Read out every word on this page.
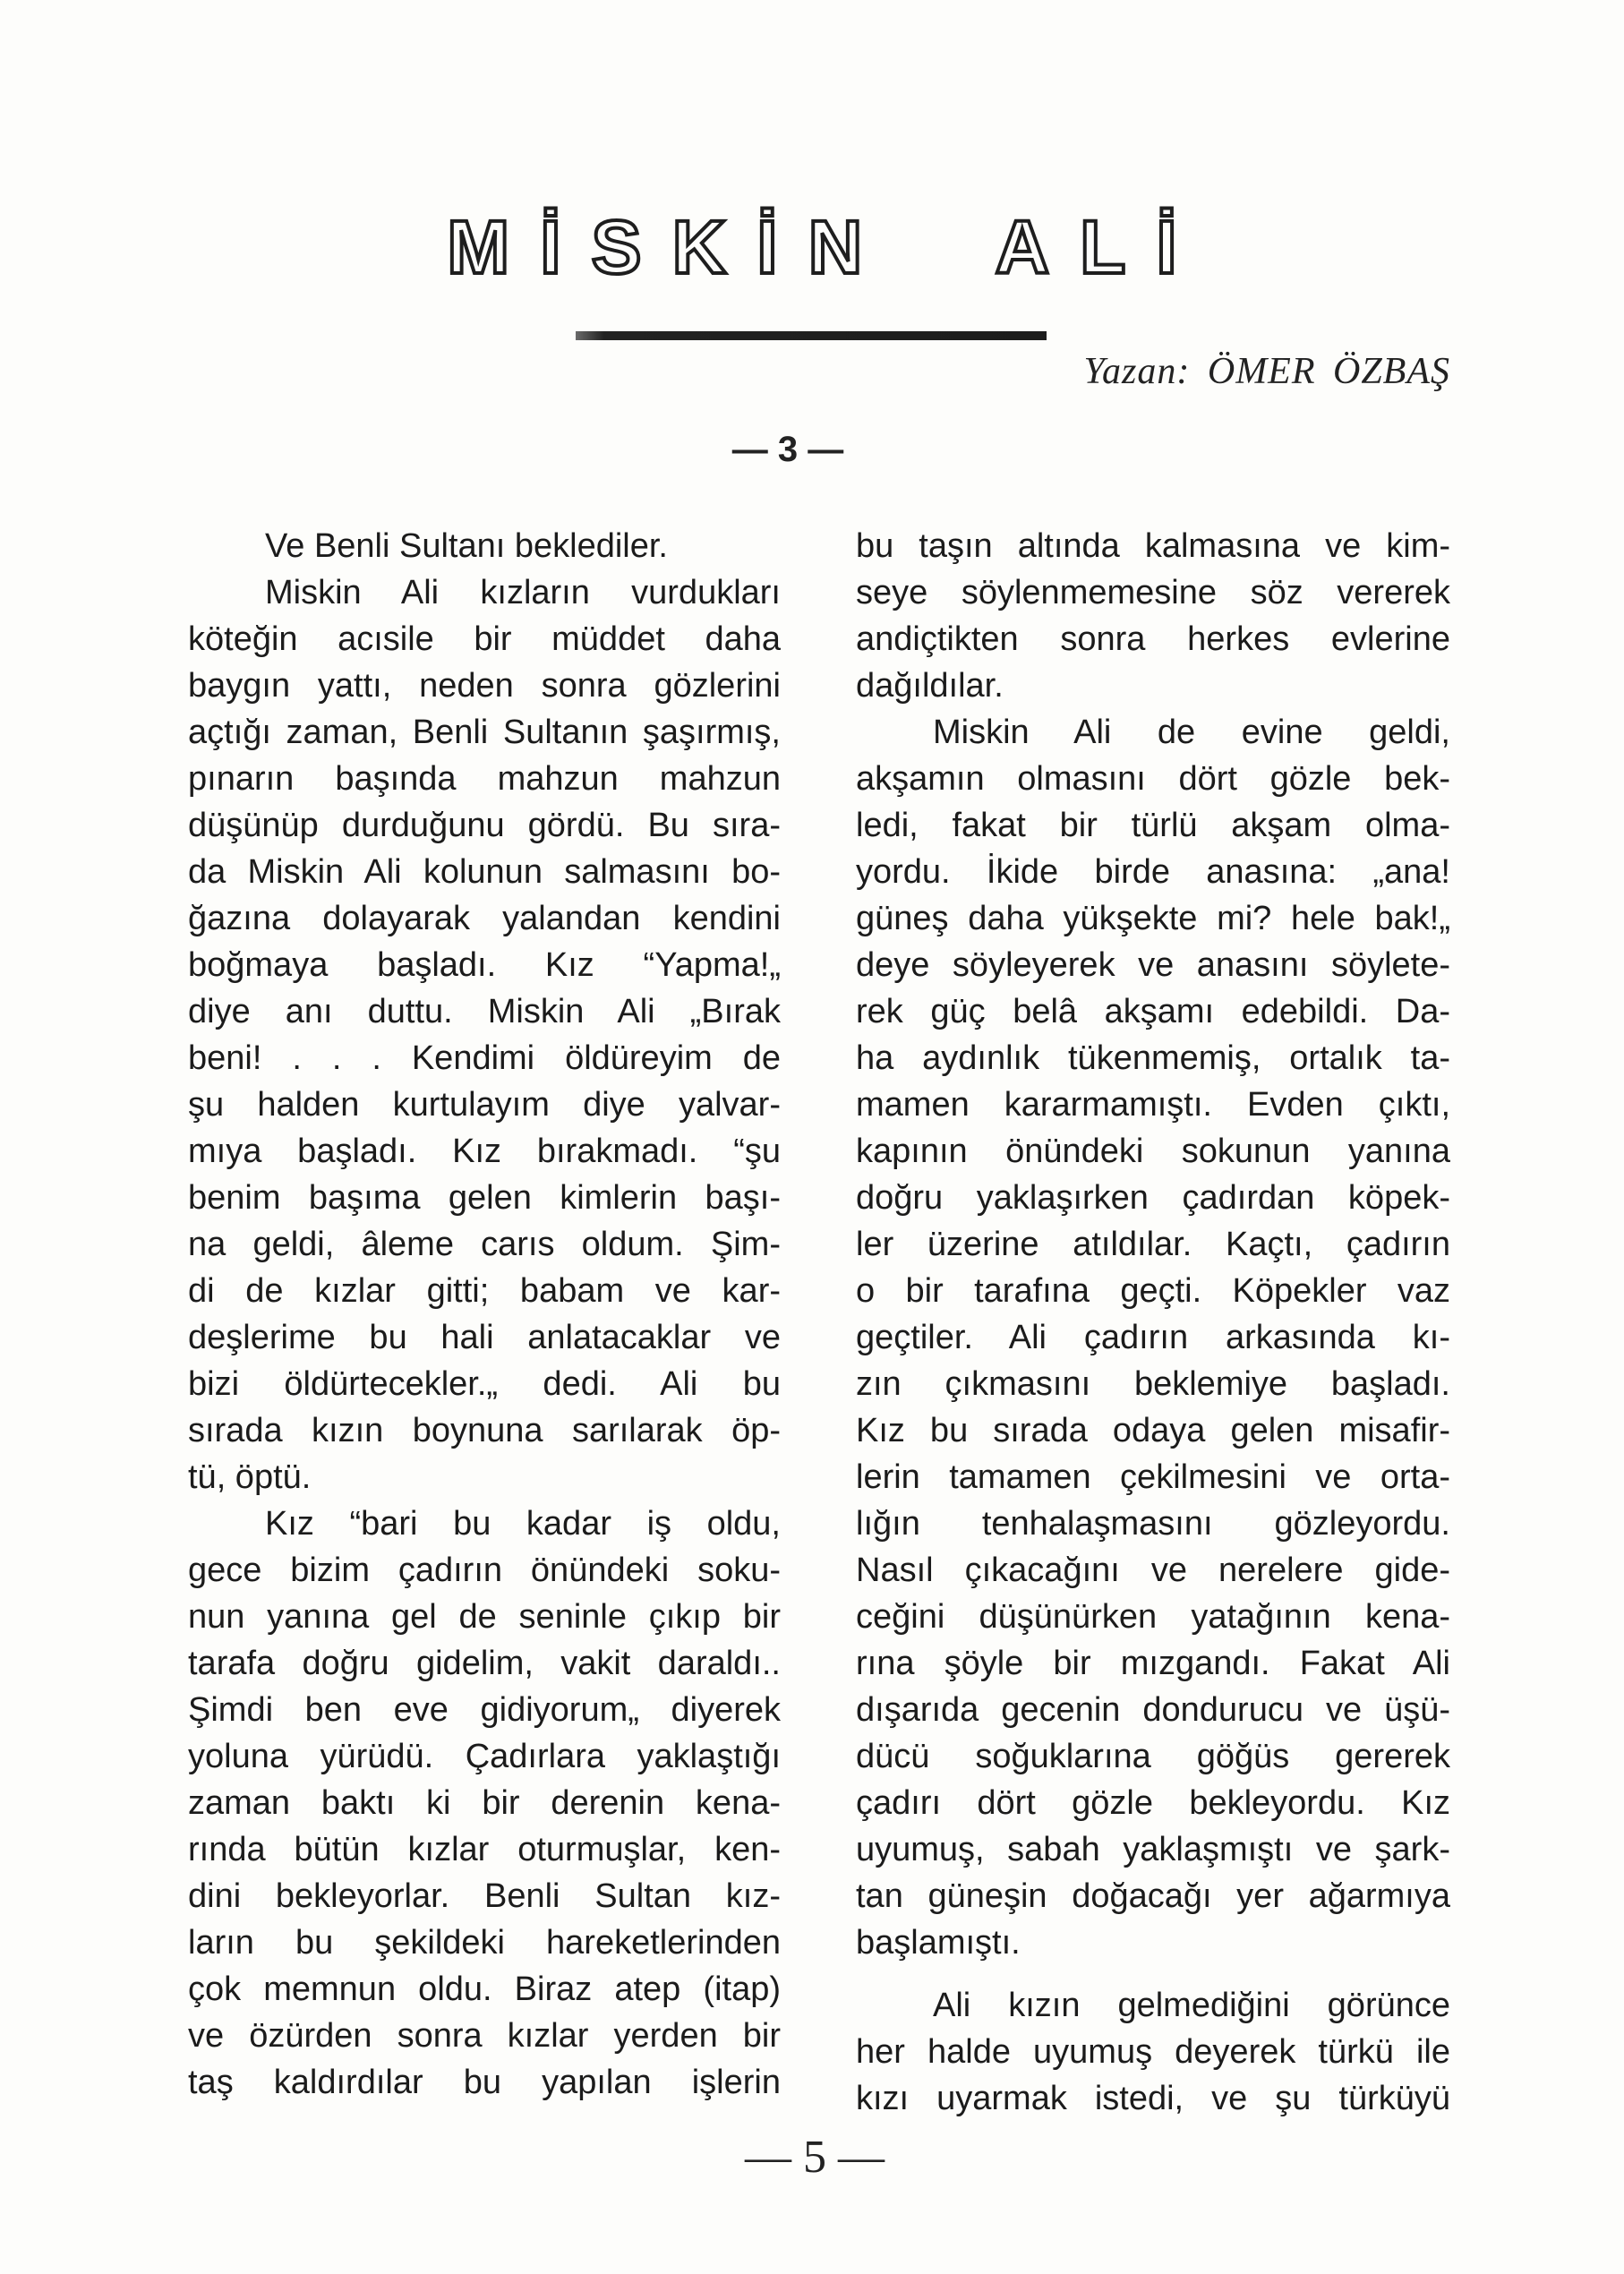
MİSKİN ALİ
Yazan: ÖMER ÖZBAŞ
— 3 —
Ve Benli Sultanı beklediler.
Miskin Ali kızların vurdukları
köteğin acısile bir müddet daha
baygın yattı, neden sonra gözlerini
açtığı zaman, Benli Sultanın şaşırmış,
pınarın başında mahzun mahzun
düşünüp durduğunu gördü. Bu sıra-
da Miskin Ali kolunun salmasını bo-
ğazına dolayarak yalandan kendini
boğmaya başladı. Kız “Yapma!„
diye anı duttu. Miskin Ali „Bırak
beni! . . . Kendimi öldüreyim de
şu halden kurtulayım diye yalvar-
mıya başladı. Kız bırakmadı. “şu
benim başıma gelen kimlerin başı-
na geldi, âleme carıs oldum. Şim-
di de kızlar gitti; babam ve kar-
deşlerime bu hali anlatacaklar ve
bizi öldürtecekler.„ dedi. Ali bu
sırada kızın boynuna sarılarak öp-
tü, öptü.
Kız “bari bu kadar iş oldu,
gece bizim çadırın önündeki soku-
nun yanına gel de seninle çıkıp bir
tarafa doğru gidelim, vakit daraldı..
Şimdi ben eve gidiyorum„ diyerek
yoluna yürüdü. Çadırlara yaklaştığı
zaman baktı ki bir derenin kena-
rında bütün kızlar oturmuşlar, ken-
dini bekleyorlar. Benli Sultan kız-
ların bu şekildeki hareketlerinden
çok memnun oldu. Biraz atep (itap)
ve özürden sonra kızlar yerden bir
taş kaldırdılar bu yapılan işlerin
bu taşın altında kalmasına ve kim-
seye söylenmemesine söz vererek
andiçtikten sonra herkes evlerine
dağıldılar.
Miskin Ali de evine geldi,
akşamın olmasını dört gözle bek-
ledi, fakat bir türlü akşam olma-
yordu. İkide birde anasına: „ana!
güneş daha yükşekte mi? hele bak!„
deye söyleyerek ve anasını söylete-
rek güç belâ akşamı edebildi. Da-
ha aydınlık tükenmemiş, ortalık ta-
mamen kararmamıştı. Evden çıktı,
kapının önündeki sokunun yanına
doğru yaklaşırken çadırdan köpek-
ler üzerine atıldılar. Kaçtı, çadırın
o bir tarafına geçti. Köpekler vaz
geçtiler. Ali çadırın arkasında kı-
zın çıkmasını beklemiye başladı.
Kız bu sırada odaya gelen misafir-
lerin tamamen çekilmesini ve orta-
lığın tenhalaşmasını gözleyordu.
Nasıl çıkacağını ve nerelere gide-
ceğini düşünürken yatağının kena-
rına şöyle bir mızgandı. Fakat Ali
dışarıda gecenin dondurucu ve üşü-
dücü soğuklarına göğüs gererek
çadırı dört gözle bekleyordu. Kız
uyumuş, sabah yaklaşmıştı ve şark-
tan güneşin doğacağı yer ağarmıya
başlamıştı.
Ali kızın gelmediğini görünce
her halde uyumuş deyerek türkü ile
kızı uyarmak istedi, ve şu türküyü
— 5 —
